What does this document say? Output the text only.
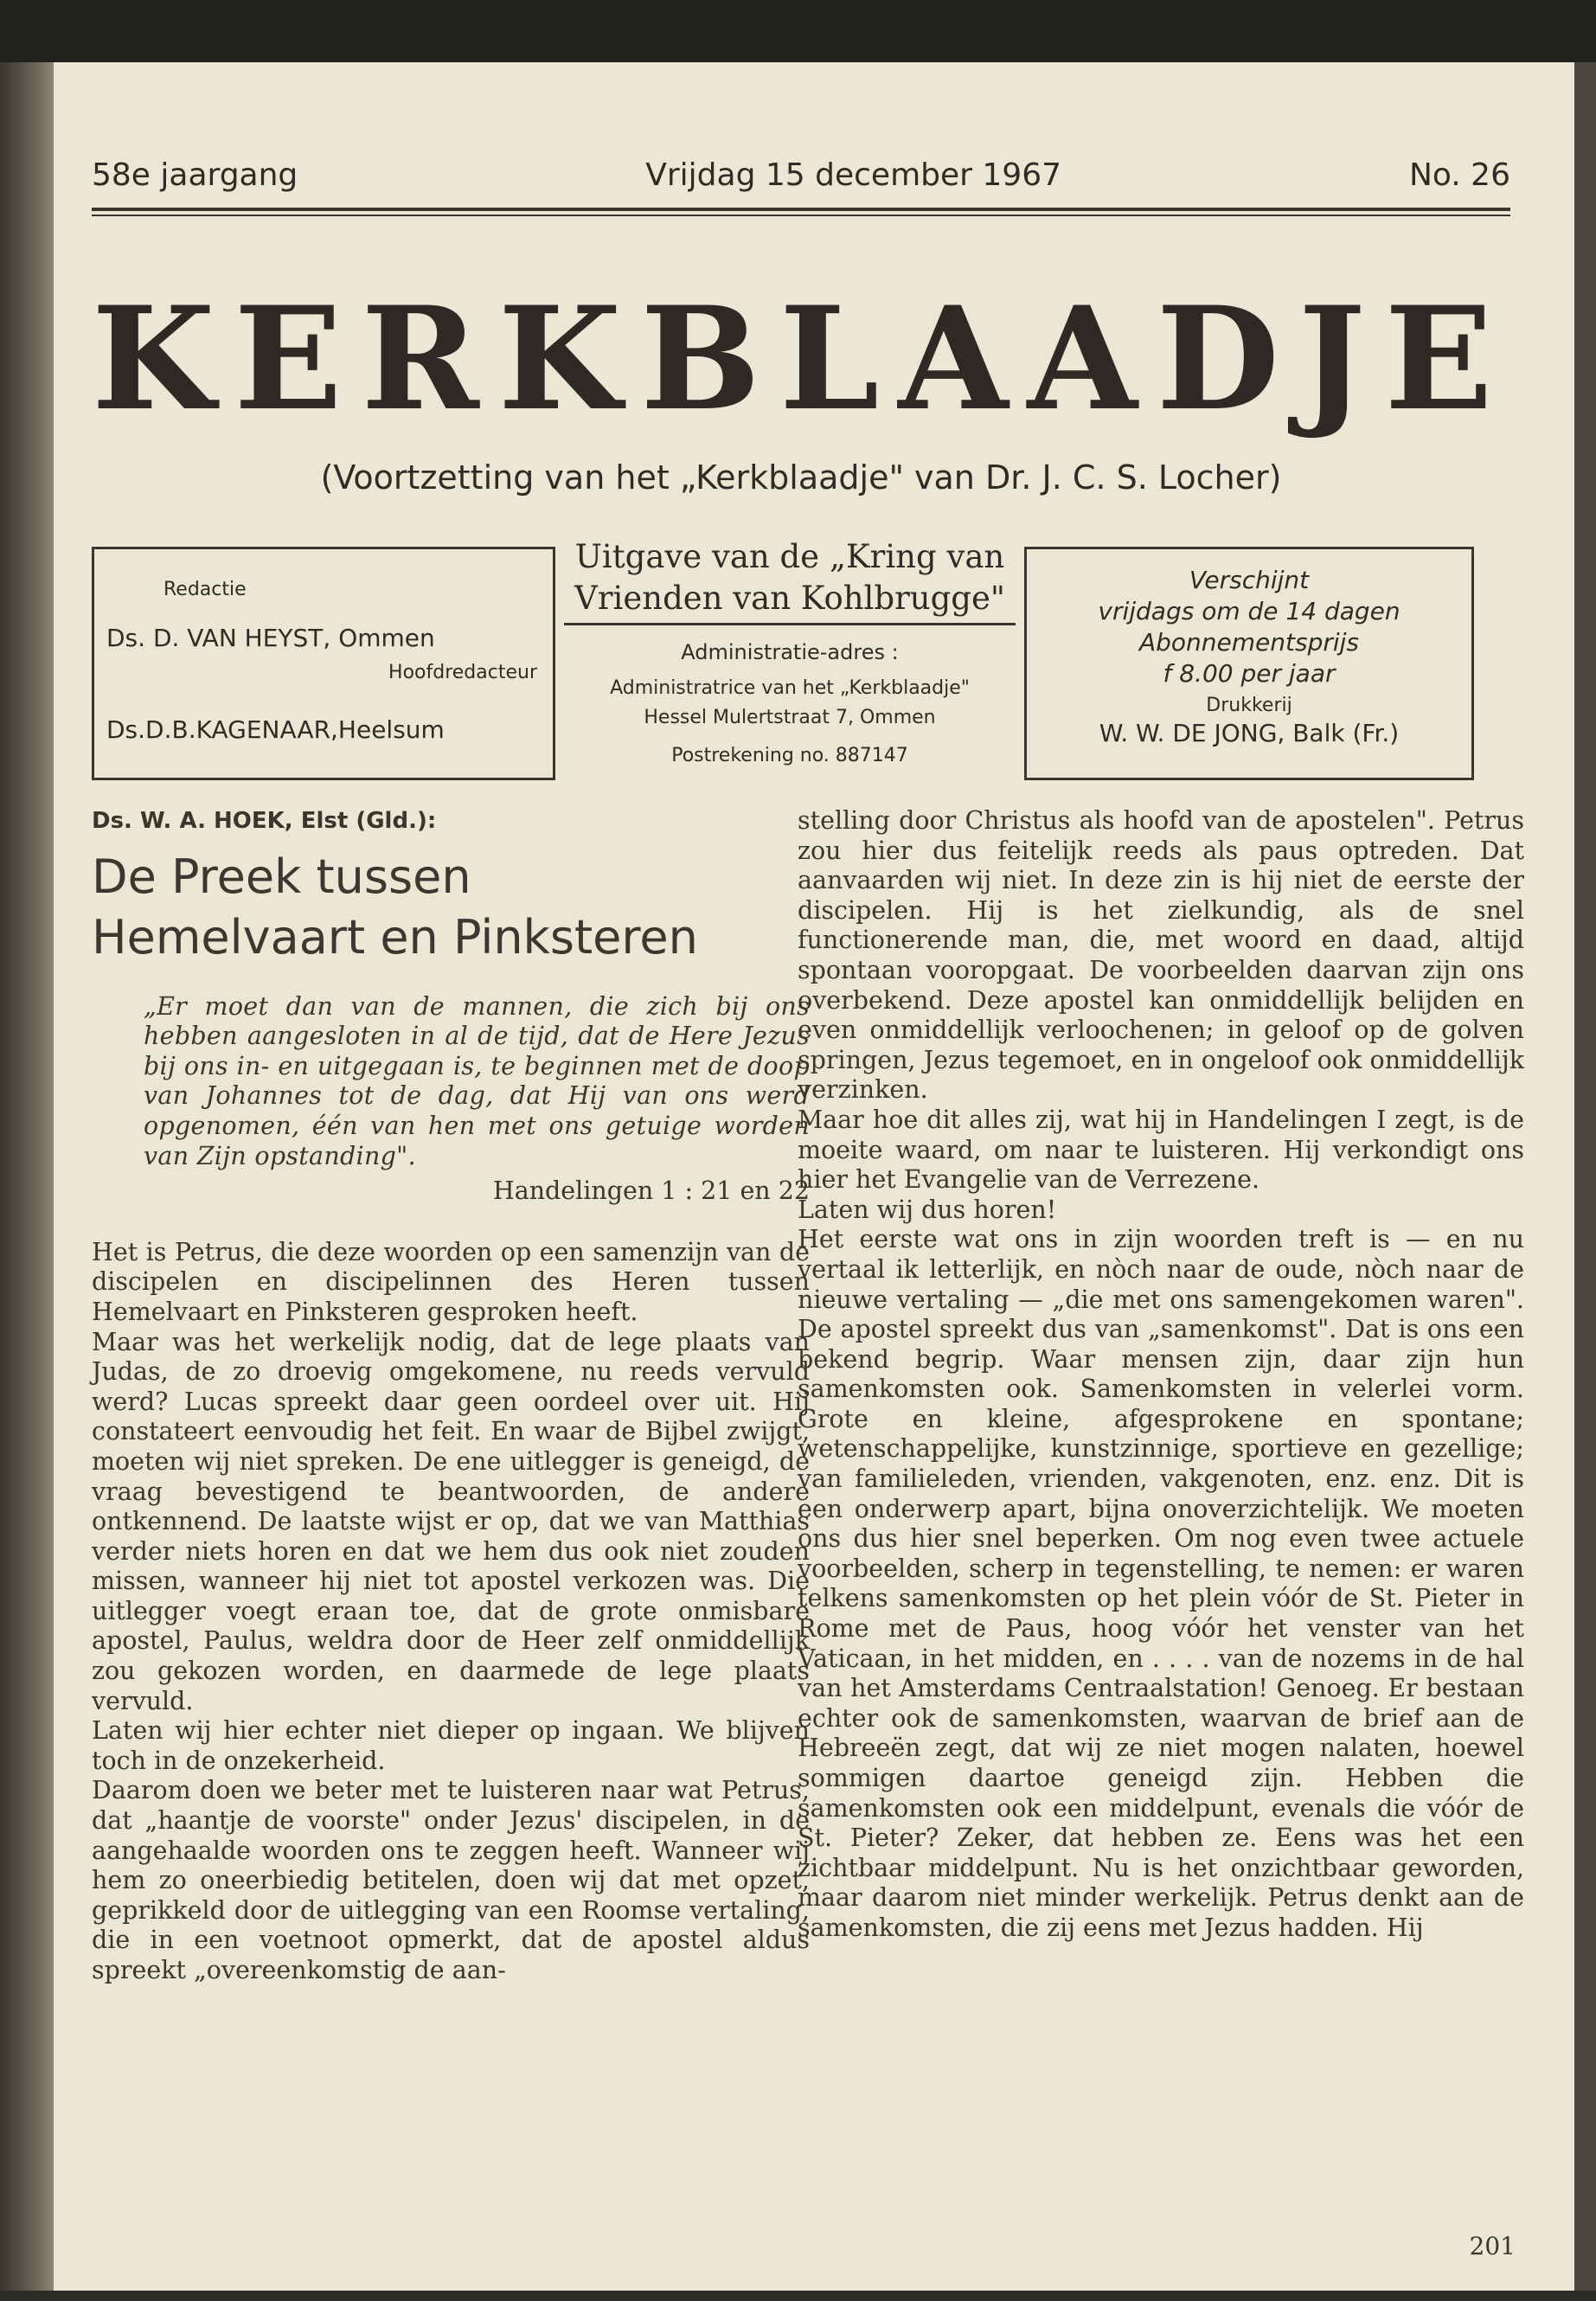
58e jaargang	Vrijdag 15 december 1967	No. 26
KERKBLAADJE
(Voortzetting van het „Kerkblaadje" van Dr. J. C. S. Locher)
Redactie
Ds. D. VAN HEYST, Ommen
Hoofdredacteur
Ds.D.B.KAGENAAR,Heelsum
Uitgave van de „Kring van
Vrienden van Kohlbrugge"
Administratie-adres :
Administratrice van het „Kerkblaadje"
Hessel Mulertstraat 7, Ommen
Postrekening no. 887147
Verschijnt
vrijdags om de 14 dagen
Abonnementsprijs
f 8.00 per jaar
Drukkerij
W. W. DE JONG, Balk (Fr.)
Ds. W. A. HOEK, Elst (Gld.):
De Preek tussen
Hemelvaart en Pinksteren
„Er moet dan van de mannen, die zich bij ons hebben aangesloten in al de tijd, dat de Here Jezus bij ons in- en uitgegaan is, te beginnen met de doop van Johannes tot de dag, dat Hij van ons werd opgenomen, één van hen met ons getuige worden van Zijn opstanding".
Handelingen 1 : 21 en 22

Het is Petrus, die deze woorden op een samenzijn van de discipelen en discipelinnen des Heren tussen Hemelvaart en Pinksteren gesproken heeft.

Maar was het werkelijk nodig, dat de lege plaats van Judas, de zo droevig omgekomene, nu reeds vervuld werd? Lucas spreekt daar geen oordeel over uit. Hij constateert eenvoudig het feit. En waar de Bijbel zwijgt, moeten wij niet spreken. De ene uitlegger is geneigd, de vraag bevestigend te beantwoorden, de andere ontkennend. De laatste wijst er op, dat we van Matthias verder niets horen en dat we hem dus ook niet zouden missen, wanneer hij niet tot apostel verkozen was. Die uitlegger voegt eraan toe, dat de grote onmisbare apostel, Paulus, weldra door de Heer zelf onmiddellijk zou gekozen worden, en daarmede de lege plaats vervuld.

Laten wij hier echter niet dieper op ingaan. We blijven toch in de onzekerheid.

Daarom doen we beter met te luisteren naar wat Petrus, dat „haantje de voorste" onder Jezus' discipelen, in de aangehaalde woorden ons te zeggen heeft. Wanneer wij hem zo oneerbiedig betitelen, doen wij dat met opzet, geprikkeld door de uitlegging van een Roomse vertaling, die in een voetnoot opmerkt, dat de apostel aldus spreekt „overeenkomstig de aan-

stelling door Christus als hoofd van de apostelen". Petrus zou hier dus feitelijk reeds als paus optreden. Dat aanvaarden wij niet. In deze zin is hij niet de eerste der discipelen. Hij is het zielkundig, als de snel functionerende man, die, met woord en daad, altijd spontaan vooropgaat. De voorbeelden daarvan zijn ons overbekend. Deze apostel kan onmiddellijk belijden en even onmiddellijk verloochenen; in geloof op de golven springen, Jezus tegemoet, en in ongeloof ook onmiddellijk verzinken.

Maar hoe dit alles zij, wat hij in Handelingen I zegt, is de moeite waard, om naar te luisteren. Hij verkondigt ons hier het Evangelie van de Verrezene.

Laten wij dus horen!

Het eerste wat ons in zijn woorden treft is — en nu vertaal ik letterlijk, en nòch naar de oude, nòch naar de nieuwe vertaling — „die met ons samengekomen waren". De apostel spreekt dus van „samenkomst". Dat is ons een bekend begrip. Waar mensen zijn, daar zijn hun samenkomsten ook. Samenkomsten in velerlei vorm. Grote en kleine, afgesprokene en spontane; wetenschappelijke, kunstzinnige, sportieve en gezellige; van familieleden, vrienden, vakgenoten, enz. enz. Dit is een onderwerp apart, bijna onoverzichtelijk. We moeten ons dus hier snel beperken. Om nog even twee actuele voorbeelden, scherp in tegenstelling, te nemen: er waren telkens samenkomsten op het plein vóór de St. Pieter in Rome met de Paus, hoog vóór het venster van het Vaticaan, in het midden, en . . . . van de nozems in de hal van het Amsterdams Centraalstation! Genoeg. Er bestaan echter ook de samenkomsten, waarvan de brief aan de Hebreeën zegt, dat wij ze niet mogen nalaten, hoewel sommigen daartoe geneigd zijn. Hebben die samenkomsten ook een middelpunt, evenals die vóór de St. Pieter? Zeker, dat hebben ze. Eens was het een zichtbaar middelpunt. Nu is het onzichtbaar geworden, maar daarom niet minder werkelijk. Petrus denkt aan de samenkomsten, die zij eens met Jezus hadden. Hij

201
